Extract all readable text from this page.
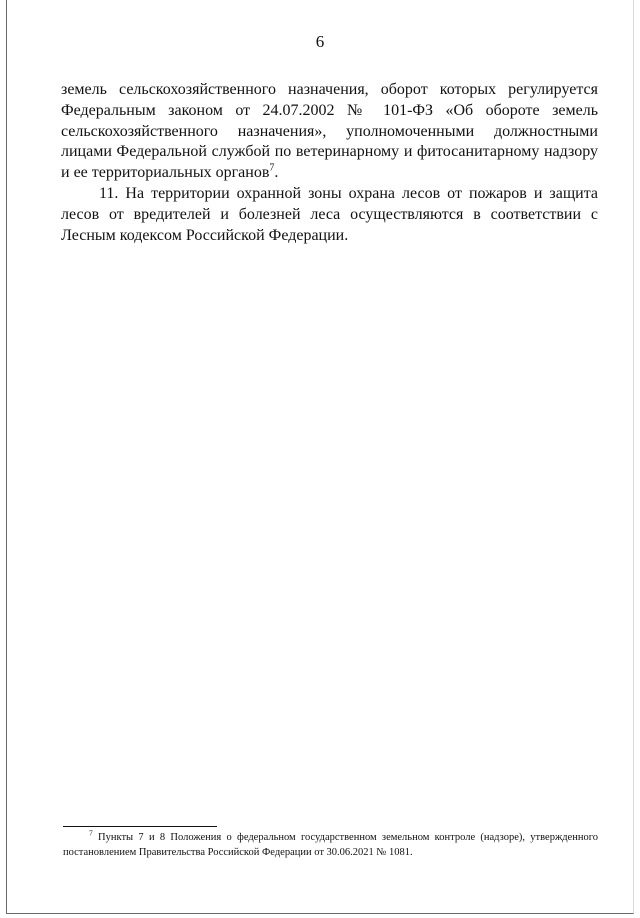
6

земель сельскохозяйственного назначения, оборот которых регулируется Федеральным законом от 24.07.2002 № 101-ФЗ «Об обороте земель сельскохозяйственного назначения», уполномоченными должностными лицами Федеральной службой по ветеринарному и фитосанитарному надзору и ее территориальных органов$^7$.

11. На территории охранной зоны охрана лесов от пожаров и защита лесов от вредителей и болезней леса осуществляются в соответствии с Лесным кодексом Российской Федерации.

$^7$ Пункты 7 и 8 Положения о федеральном государственном земельном контроле (надзоре), утвержденного постановлением Правительства Российской Федерации от 30.06.2021 № 1081.
